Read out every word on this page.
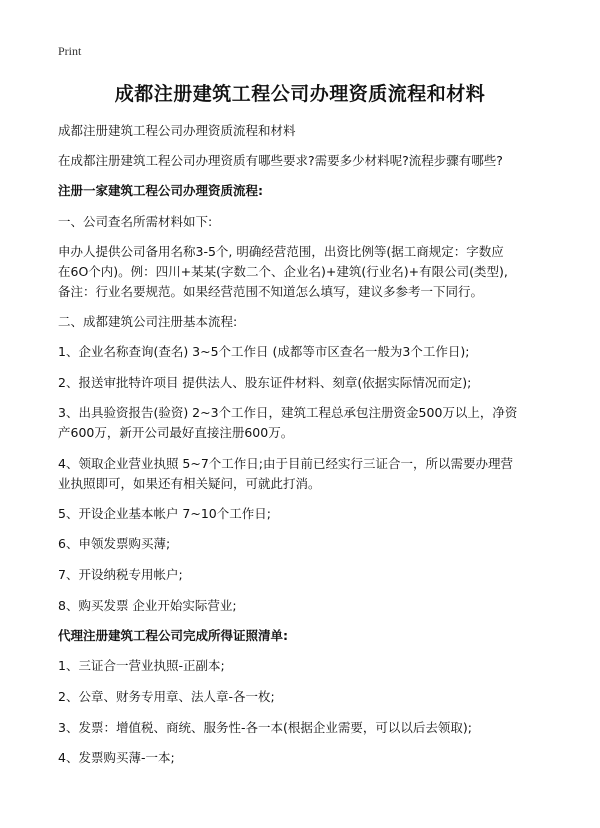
Print
成都注册建筑工程公司办理资质流程和材料

成都注册建筑工程公司办理资质流程和材料

在成都注册建筑工程公司办理资质有哪些要求?需要多少材料呢?流程步骤有哪些?

注册一家建筑工程公司办理资质流程:

一、公司查名所需材料如下:

申办人提供公司备用名称3-5个, 明确经营范围，出资比例等(据工商规定：字数应
在6O个内)。例：四川+某某(字数二个、企业名)+建筑(行业名)+有限公司(类型),
备注：行业名要规范。如果经营范围不知道怎么填写，建议多参考一下同行。

二、成都建筑公司注册基本流程:

1、企业名称查询(查名) 3~5个工作日 (成都等市区查名一般为3个工作日);

2、报送审批特许项目 提供法人、股东证件材料、刻章(依据实际情况而定);

3、出具验资报告(验资) 2~3个工作日，建筑工程总承包注册资金500万以上，净资
产600万，新开公司最好直接注册600万。

4、领取企业营业执照 5~7个工作日;由于目前已经实行三证合一，所以需要办理营
业执照即可，如果还有相关疑问，可就此打消。

5、开设企业基本帐户 7~10个工作日;

6、申领发票购买薄;

7、开设纳税专用帐户;

8、购买发票 企业开始实际营业;

代理注册建筑工程公司完成所得证照清单:

1、三证合一营业执照-正副本;

2、公章、财务专用章、法人章-各一枚;

3、发票：增值税、商统、服务性-各一本(根据企业需要，可以以后去领取);

4、发票购买薄-一本;
